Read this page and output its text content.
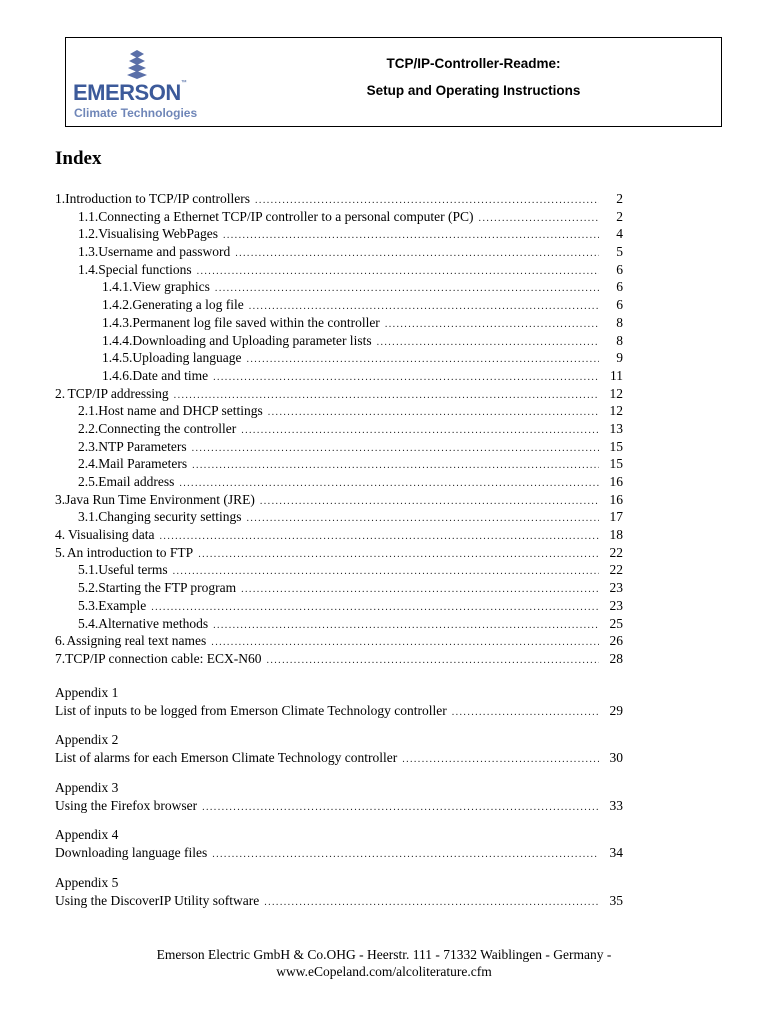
EMERSON™
Climate Technologies
TCP/IP-Controller-Readme:
Setup and Operating Instructions
Index
1. Introduction to TCP/IP controllers .....	2
1.1. Connecting a Ethernet TCP/IP controller to a personal computer (PC) .....	2
1.2. Visualising WebPages .....	4
1.3. Username and password .....	5
1.4. Special functions .....	6
1.4.1. View graphics .....	6
1.4.2. Generating a log file .....	6
1.4.3. Permanent log file saved within the controller .....	8
1.4.4. Downloading and Uploading parameter lists .....	8
1.4.5. Uploading language .....	9
1.4.6. Date and time .....	11
2. TCP/IP addressing .....	12
2.1. Host name and DHCP settings .....	12
2.2. Connecting the controller .....	13
2.3. NTP Parameters .....	15
2.4. Mail Parameters .....	15
2.5. Email address .....	16
3. Java Run Time Environment (JRE) .....	16
3.1. Changing security settings .....	17
4. Visualising data .....	18
5. An introduction to FTP .....	22
5.1. Useful terms .....	22
5.2. Starting the FTP program .....	23
5.3. Example .....	23
5.4. Alternative methods .....	25
6. Assigning real text names .....	26
7. TCP/IP connection cable: ECX-N60 .....	28
Appendix 1
List of inputs to be logged from Emerson Climate Technology controller .....	29
Appendix 2
List of alarms for each Emerson Climate Technology controller .....	30
Appendix 3
Using the Firefox browser .....	33
Appendix 4
Downloading language files .....	34
Appendix 5
Using the DiscoverIP Utility software .....	35
Emerson Electric GmbH & Co.OHG - Heerstr. 111 - 71332 Waiblingen - Germany -
www.eCopeland.com/alcoliterature.cfm
